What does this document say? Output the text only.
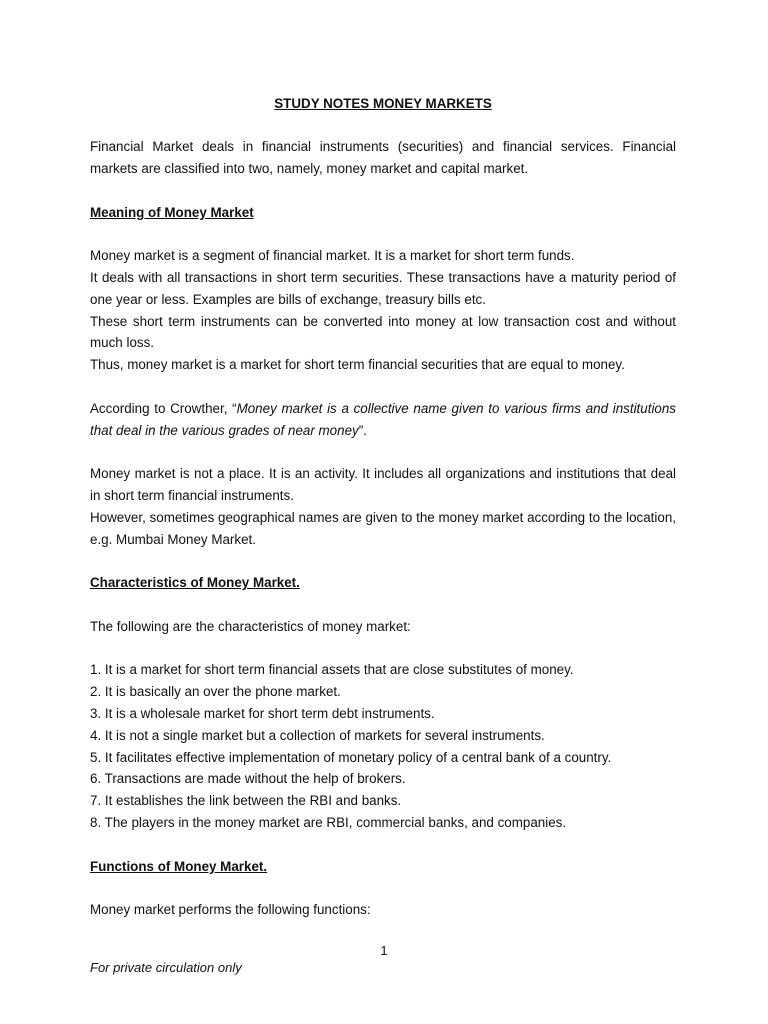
STUDY NOTES MONEY MARKETS

Financial Market deals in financial instruments (securities) and financial services. Financial markets are classified into two, namely, money market and capital market.

Meaning of Money Market

Money market is a segment of financial market. It is a market for short term funds.

It deals with all transactions in short term securities. These transactions have a maturity period of one year or less. Examples are bills of exchange, treasury bills etc.

These short term instruments can be converted into money at low transaction cost and without much loss.

Thus, money market is a market for short term financial securities that are equal to money.

According to Crowther, “Money market is a collective name given to various firms and institutions that deal in the various grades of near money”.

Money market is not a place. It is an activity. It includes all organizations and institutions that deal in short term financial instruments.

However, sometimes geographical names are given to the money market according to the location, e.g. Mumbai Money Market.

Characteristics of Money Market.

The following are the characteristics of money market:

1. It is a market for short term financial assets that are close substitutes of money.

2. It is basically an over the phone market.

3. It is a wholesale market for short term debt instruments.

4. It is not a single market but a collection of markets for several instruments.

5. It facilitates effective implementation of monetary policy of a central bank of a country.

6. Transactions are made without the help of brokers.

7. It establishes the link between the RBI and banks.

8. The players in the money market are RBI, commercial banks, and companies.

Functions of Money Market.

Money market performs the following functions:

1
For private circulation only
